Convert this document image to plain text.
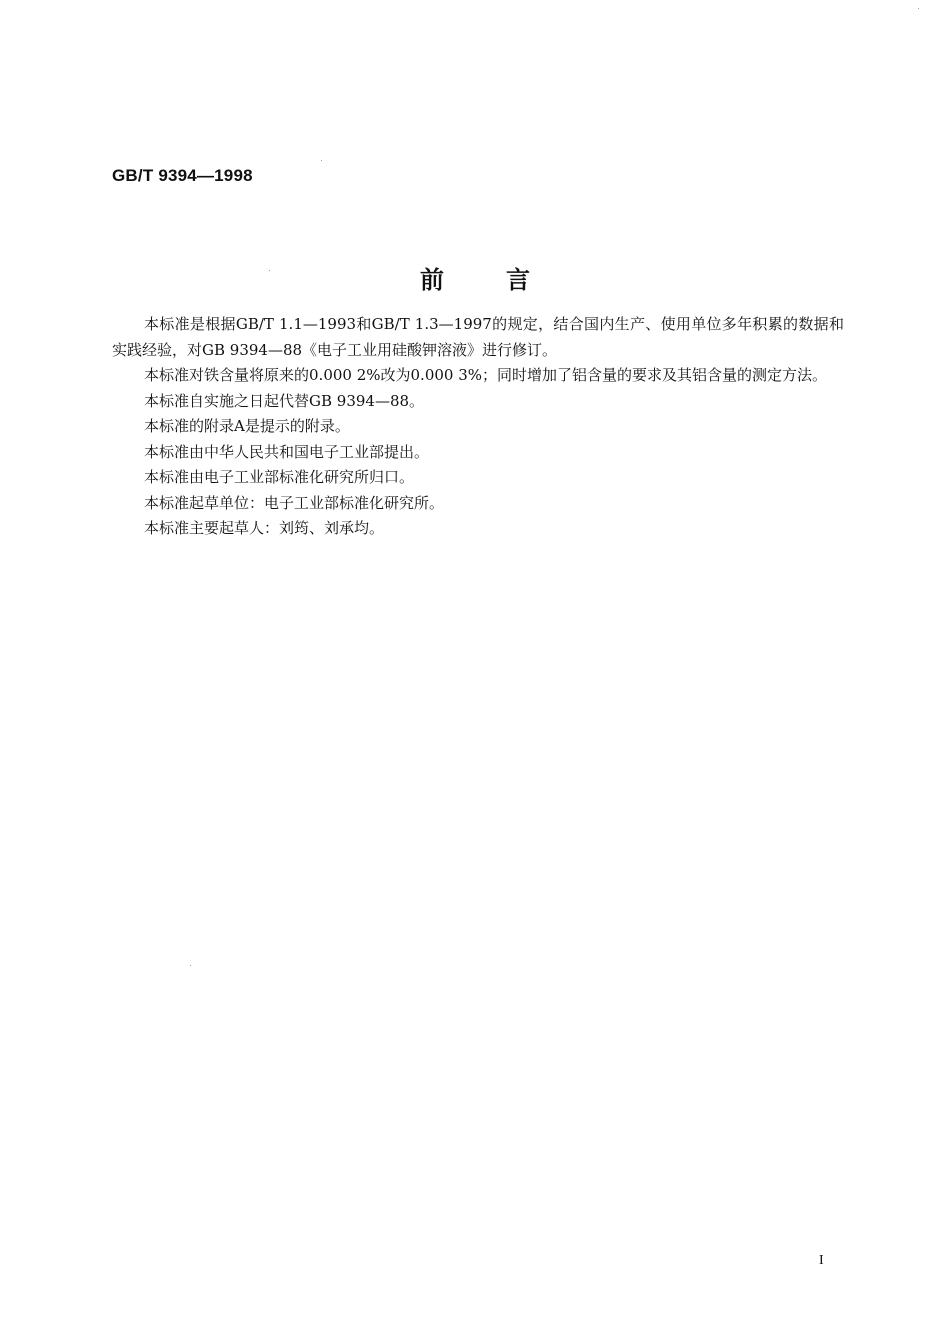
GB/T 9394—1998
前言

本标准是根据GB/T 1.1—1993和GB/T 1.3—1997的规定，结合国内生产、使用单位多年积累的数据和实践经验，对GB 9394—88《电子工业用硅酸钾溶液》进行修订。

本标准对铁含量将原来的0.000 2%改为0.000 3%；同时增加了铝含量的要求及其铝含量的测定方法。

本标准自实施之日起代替GB 9394—88。

本标准的附录A是提示的附录。

本标准由中华人民共和国电子工业部提出。

本标准由电子工业部标准化研究所归口。

本标准起草单位：电子工业部标准化研究所。

本标准主要起草人：刘筠、刘承均。

I
